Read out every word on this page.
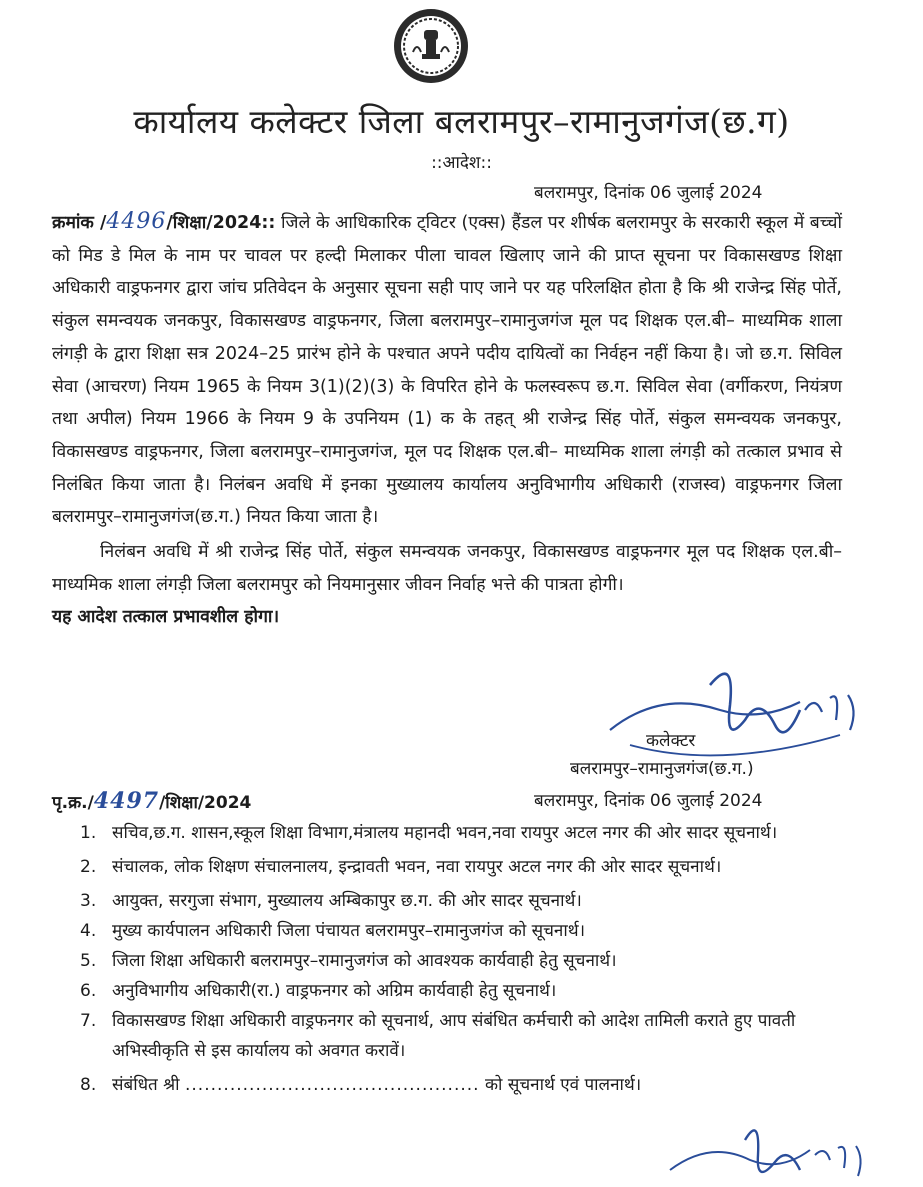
कार्यालय कलेक्टर जिला बलरामपुर–रामानुजगंज(छ.ग)
::आदेश::
बलरामपुर, दिनांक 06 जुलाई 2024

क्रमांक /4496/शिक्षा/2024:: जिले के आधिकारिक ट्विटर (एक्स) हैंडल पर शीर्षक बलरामपुर के सरकारी स्कूल में बच्चों को मिड डे मिल के नाम पर चावल पर हल्दी मिलाकर पीला चावल खिलाए जाने की प्राप्त सूचना पर विकासखण्ड शिक्षा अधिकारी वाड्रफनगर द्वारा जांच प्रतिवेदन के अनुसार सूचना सही पाए जाने पर यह परिलक्षित होता है कि श्री राजेन्द्र सिंह पोर्ते, संकुल समन्वयक जनकपुर, विकासखण्ड वाड्रफनगर, जिला बलरामपुर–रामानुजगंज मूल पद शिक्षक एल.बी– माध्यमिक शाला लंगड़ी के द्वारा शिक्षा सत्र 2024–25 प्रारंभ होने के पश्चात अपने पदीय दायित्वों का निर्वहन नहीं किया है। जो छ.ग. सिविल सेवा (आचरण) नियम 1965 के नियम 3(1)(2)(3) के विपरित होने के फलस्वरूप छ.ग. सिविल सेवा (वर्गीकरण, नियंत्रण तथा अपील) नियम 1966 के नियम 9 के उपनियम (1) क के तहत् श्री राजेन्द्र सिंह पोर्ते, संकुल समन्वयक जनकपुर, विकासखण्ड वाड्रफनगर, जिला बलरामपुर–रामानुजगंज, मूल पद शिक्षक एल.बी– माध्यमिक शाला लंगड़ी को तत्काल प्रभाव से निलंबित किया जाता है। निलंबन अवधि में इनका मुख्यालय कार्यालय अनुविभागीय अधिकारी (राजस्व) वाड्रफनगर जिला बलरामपुर–रामानुजगंज(छ.ग.) नियत किया जाता है।

निलंबन अवधि में श्री राजेन्द्र सिंह पोर्ते, संकुल समन्वयक जनकपुर, विकासखण्ड वाड्रफनगर मूल पद शिक्षक एल.बी– माध्यमिक शाला लंगड़ी जिला बलरामपुर को नियमानुसार जीवन निर्वाह भत्ते की पात्रता होगी।

यह आदेश तत्काल प्रभावशील होगा।

कलेक्टर
बलरामपुर–रामानुजगंज(छ.ग.)
पृ.क्र./4497/शिक्षा/2024	बलरामपुर, दिनांक 06 जुलाई 2024
1. सचिव,छ.ग. शासन,स्कूल शिक्षा विभाग,मंत्रालय महानदी भवन,नवा रायपुर अटल नगर की ओर सादर सूचनार्थ।
2. संचालक, लोक शिक्षण संचालनालय, इन्द्रावती भवन, नवा रायपुर अटल नगर की ओर सादर सूचनार्थ।
3. आयुक्त, सरगुजा संभाग, मुख्यालय अम्बिकापुर छ.ग. की ओर सादर सूचनार्थ।
4. मुख्य कार्यपालन अधिकारी जिला पंचायत बलरामपुर–रामानुजगंज को सूचनार्थ।
5. जिला शिक्षा अधिकारी बलरामपुर–रामानुजगंज को आवश्यक कार्यवाही हेतु सूचनार्थ।
6. अनुविभागीय अधिकारी(रा.) वाड्रफनगर को अग्रिम कार्यवाही हेतु सूचनार्थ।
7. विकासखण्ड शिक्षा अधिकारी वाड्रफनगर को सूचनार्थ, आप संबंधित कर्मचारी को आदेश तामिली कराते हुए पावती अभिस्वीकृति से इस कार्यालय को अवगत करावें।
8. संबंधित श्री .............................................. को सूचनार्थ एवं पालनार्थ।
